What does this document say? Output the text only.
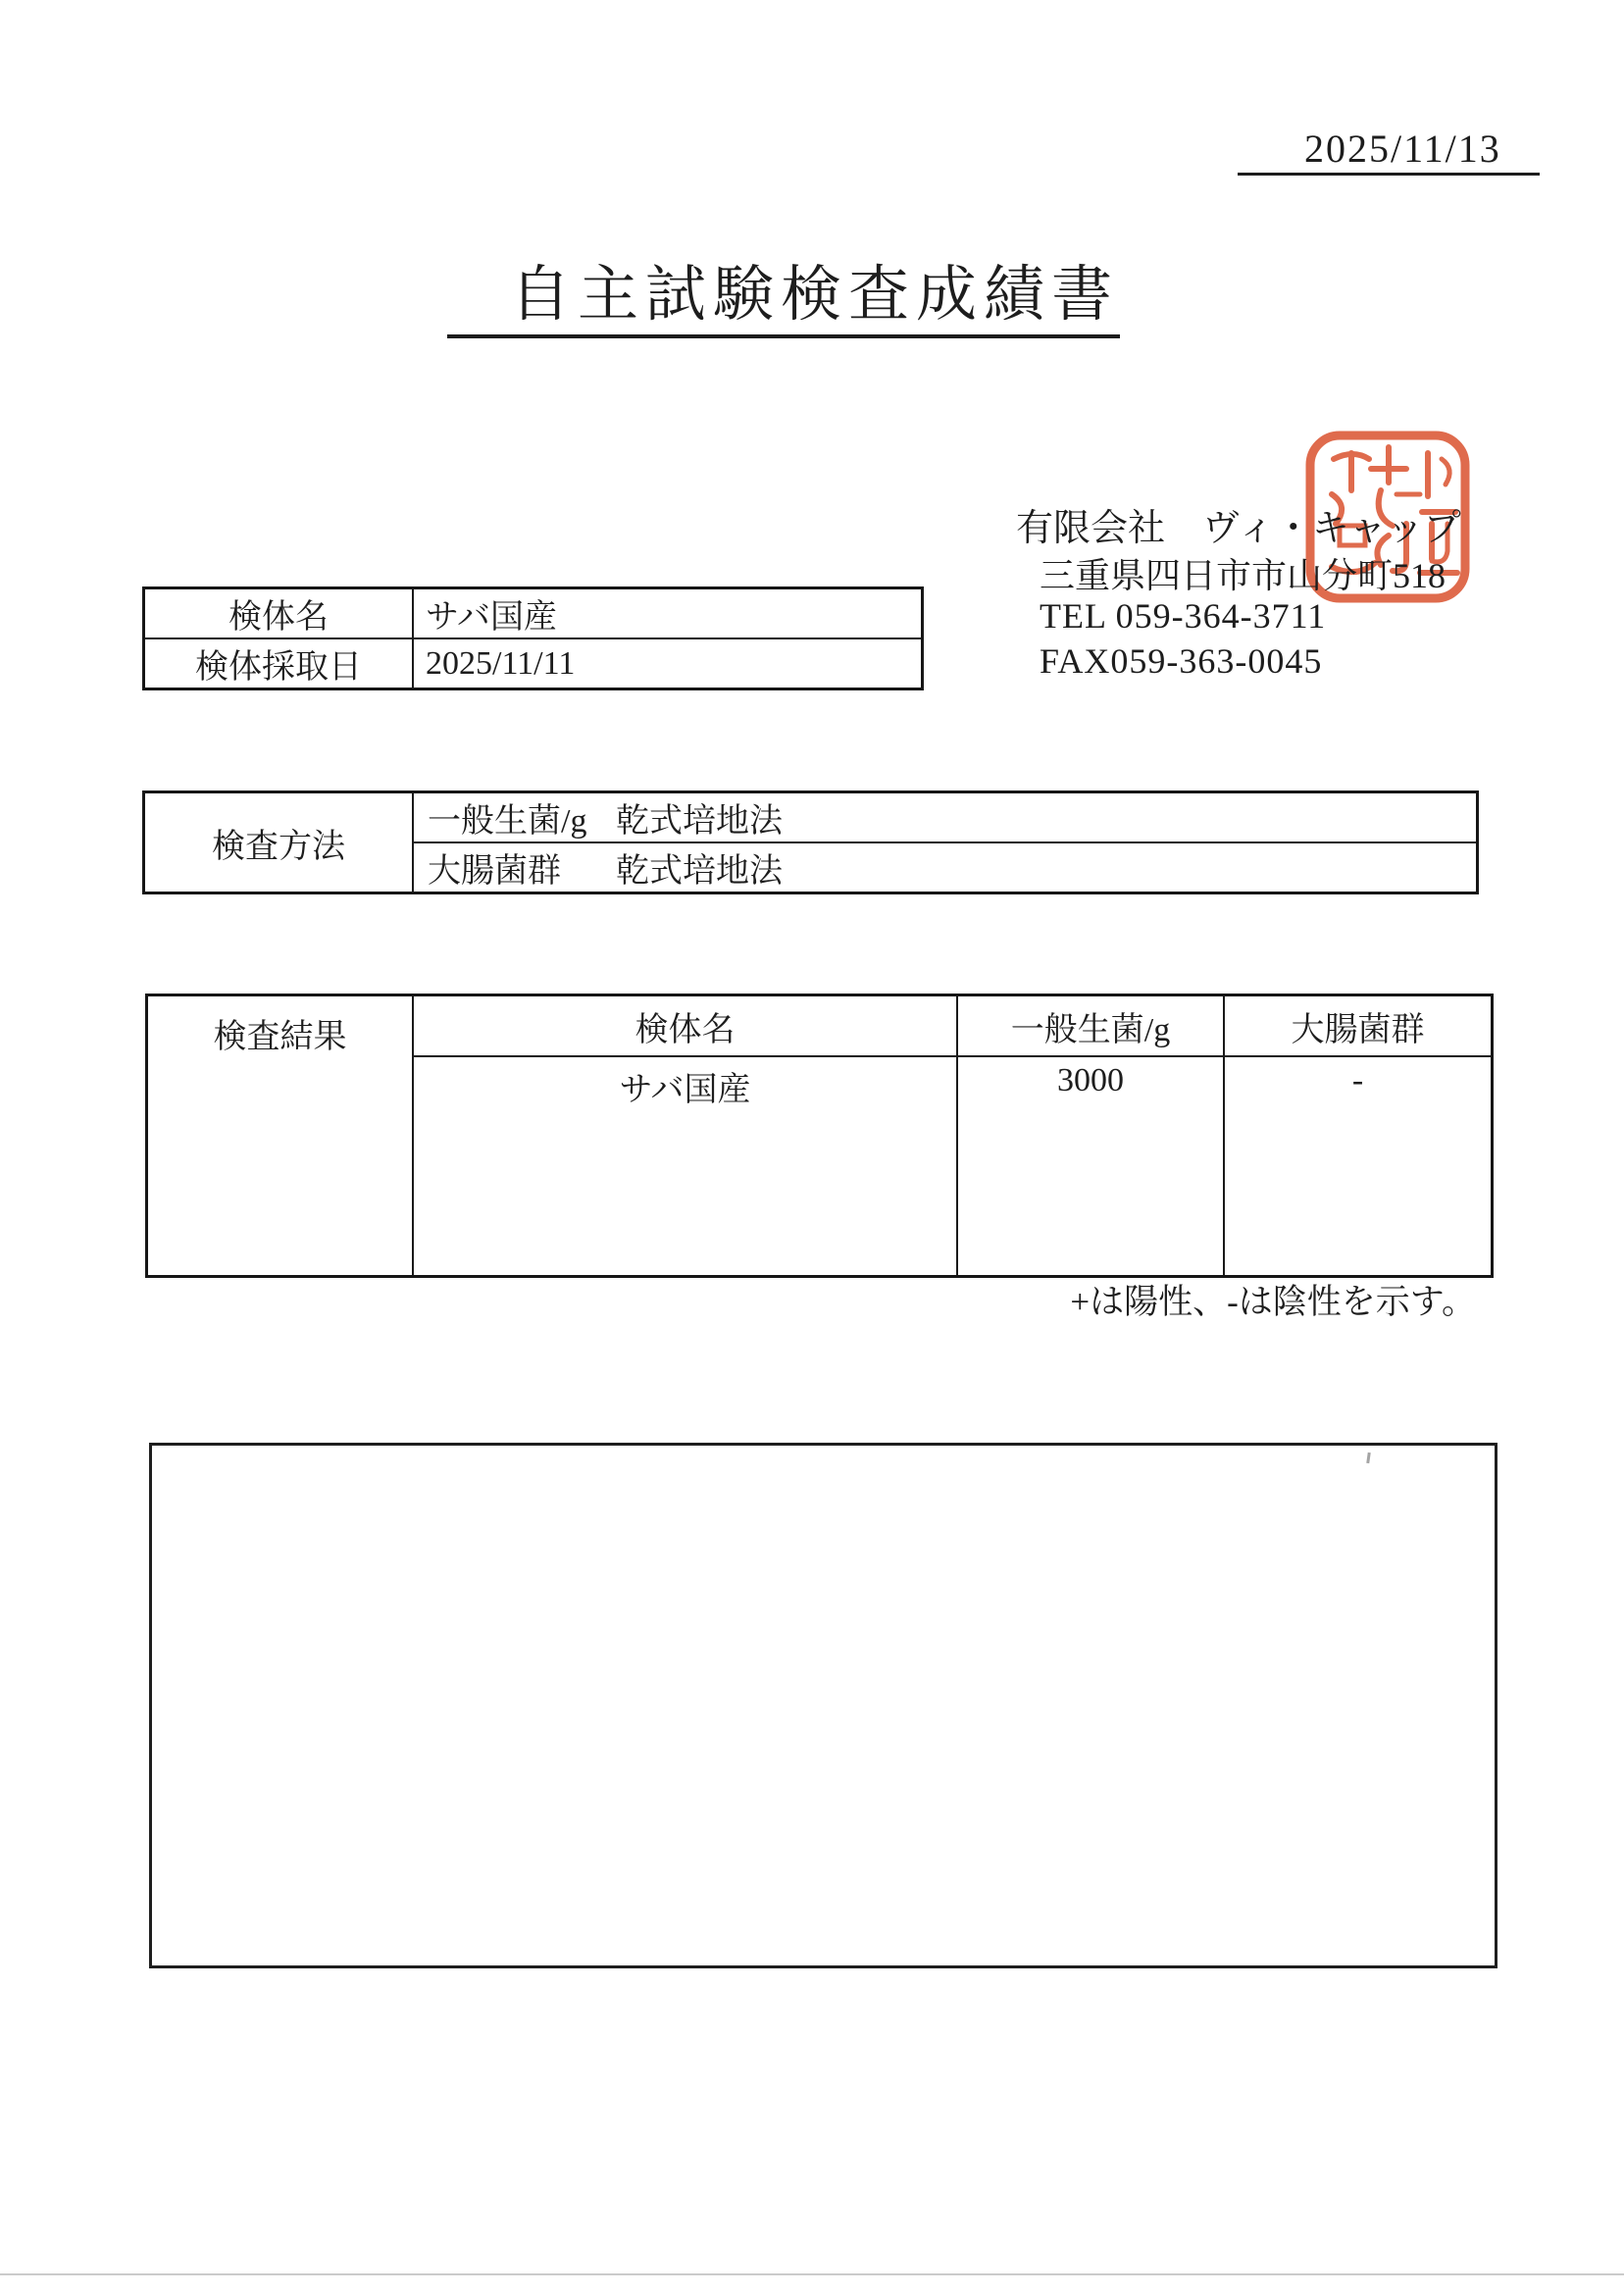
2025/11/13
自主試験検査成績書
有限会社　ヴィ・キャップ
三重県四日市市山分町518
TEL 059-364-3711
FAX059-363-0045
検体名	サバ国産
検体採取日	2025/11/11
検査方法	一般生菌/g 乾式培地法
大腸菌群 乾式培地法
検査結果	検体名	一般生菌/g	大腸菌群
	サバ国産	3000	-
+は陽性、-は陰性を示す。
